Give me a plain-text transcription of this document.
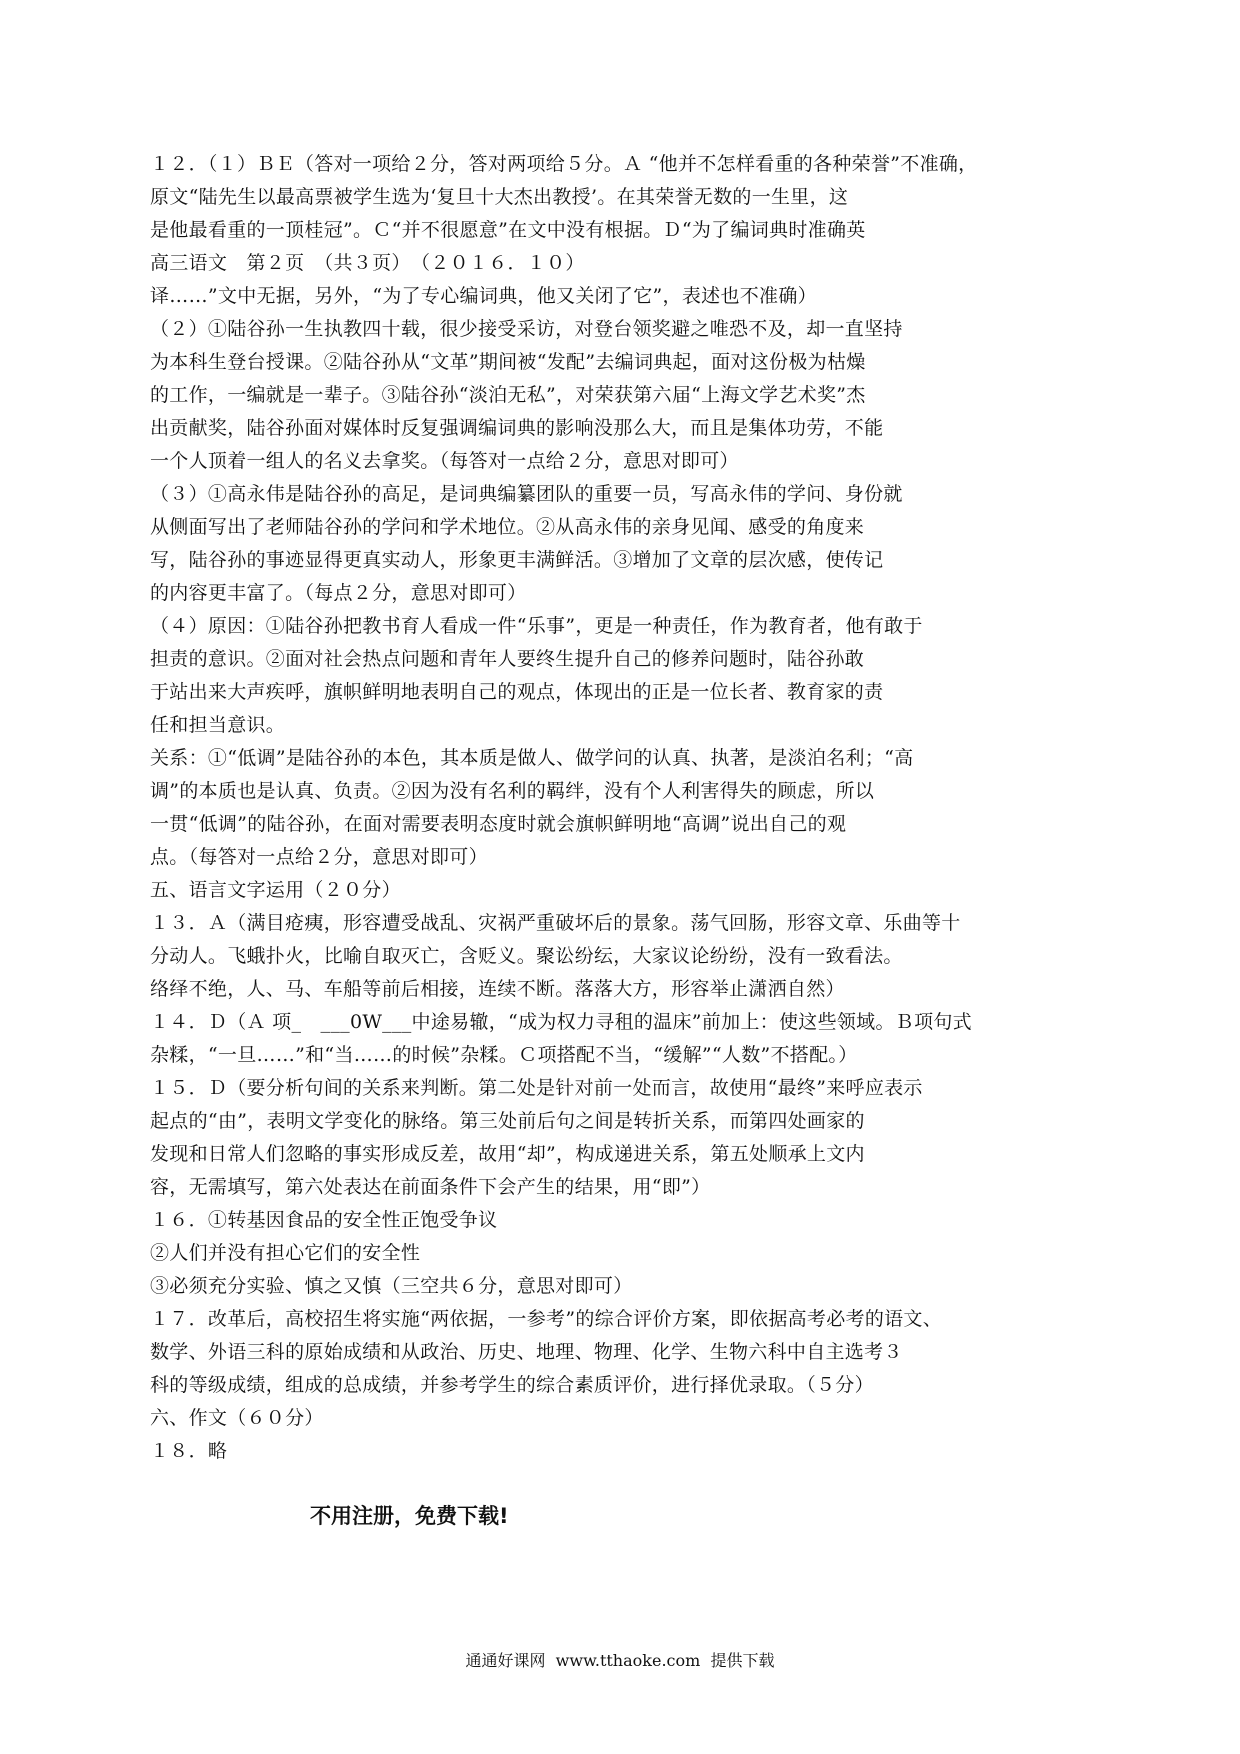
１２．（１）ＢＥ（答对一项给２分，答对两项给５分。Ａ “他并不怎样看重的各种荣誉”不准确，
原文“陆先生以最高票被学生选为‘复旦十大杰出教授’。在其荣誉无数的一生里，这
是他最看重的一顶桂冠”。Ｃ“并不很愿意”在文中没有根据。Ｄ“为了编词典时准确英
高三语文　第２页　（共３页）　（２０１６．１０）
译……”文中无据，另外，“为了专心编词典，他又关闭了它”，表述也不准确）
（２）①陆谷孙一生执教四十载，很少接受采访，对登台领奖避之唯恐不及，却一直坚持
为本科生登台授课。②陆谷孙从“文革”期间被“发配”去编词典起，面对这份极为枯燥
的工作，一编就是一辈子。③陆谷孙“淡泊无私”，对荣获第六届“上海文学艺术奖”杰
出贡献奖，陆谷孙面对媒体时反复强调编词典的影响没那么大，而且是集体功劳，不能
一个人顶着一组人的名义去拿奖。（每答对一点给２分，意思对即可）
（３）①高永伟是陆谷孙的高足，是词典编纂团队的重要一员，写高永伟的学问、身份就
从侧面写出了老师陆谷孙的学问和学术地位。②从高永伟的亲身见闻、感受的角度来
写，陆谷孙的事迹显得更真实动人，形象更丰满鲜活。③增加了文章的层次感，使传记
的内容更丰富了。（每点２分，意思对即可）
（４）原因：①陆谷孙把教书育人看成一件“乐事”，更是一种责任，作为教育者，他有敢于
担责的意识。②面对社会热点问题和青年人要终生提升自己的修养问题时，陆谷孙敢
于站出来大声疾呼，旗帜鲜明地表明自己的观点，体现出的正是一位长者、教育家的责
任和担当意识。
关系：①“低调”是陆谷孙的本色，其本质是做人、做学问的认真、执著，是淡泊名利；“高
调”的本质也是认真、负责。②因为没有名利的羁绊，没有个人利害得失的顾虑，所以
一贯“低调”的陆谷孙，在面对需要表明态度时就会旗帜鲜明地“高调”说出自己的观
点。（每答对一点给２分，意思对即可）
五、语言文字运用（２０分）
１３．Ａ（满目疮痍，形容遭受战乱、灾祸严重破坏后的景象。荡气回肠，形容文章、乐曲等十
分动人。飞蛾扑火，比喻自取灭亡，含贬义。聚讼纷纭，大家议论纷纷，没有一致看法。
络绎不绝，人、马、车船等前后相接，连续不断。落落大方，形容举止潇洒自然）
１４．Ｄ（Ａ 项_　___0W___中途易辙，“成为权力寻租的温床”前加上：使这些领域。Ｂ项句式
杂糅，“一旦……”和“当……的时候”杂糅。Ｃ项搭配不当，“缓解”“人数”不搭配。）
１５．Ｄ（要分析句间的关系来判断。第二处是针对前一处而言，故使用“最终”来呼应表示
起点的“由”，表明文学变化的脉络。第三处前后句之间是转折关系，而第四处画家的
发现和日常人们忽略的事实形成反差，故用“却”，构成递进关系，第五处顺承上文内
容，无需填写，第六处表达在前面条件下会产生的结果，用“即”）
１６．①转基因食品的安全性正饱受争议
②人们并没有担心它们的安全性
③必须充分实验、慎之又慎（三空共６分，意思对即可）
１７．改革后，高校招生将实施“两依据，一参考”的综合评价方案，即依据高考必考的语文、
数学、外语三科的原始成绩和从政治、历史、地理、物理、化学、生物六科中自主选考３
科的等级成绩，组成的总成绩，并参考学生的综合素质评价，进行择优录取。（５分）
六、作文（６０分）
１８．略
不用注册，免费下载!
通通好课网  www.tthaoke.com  提供下载
